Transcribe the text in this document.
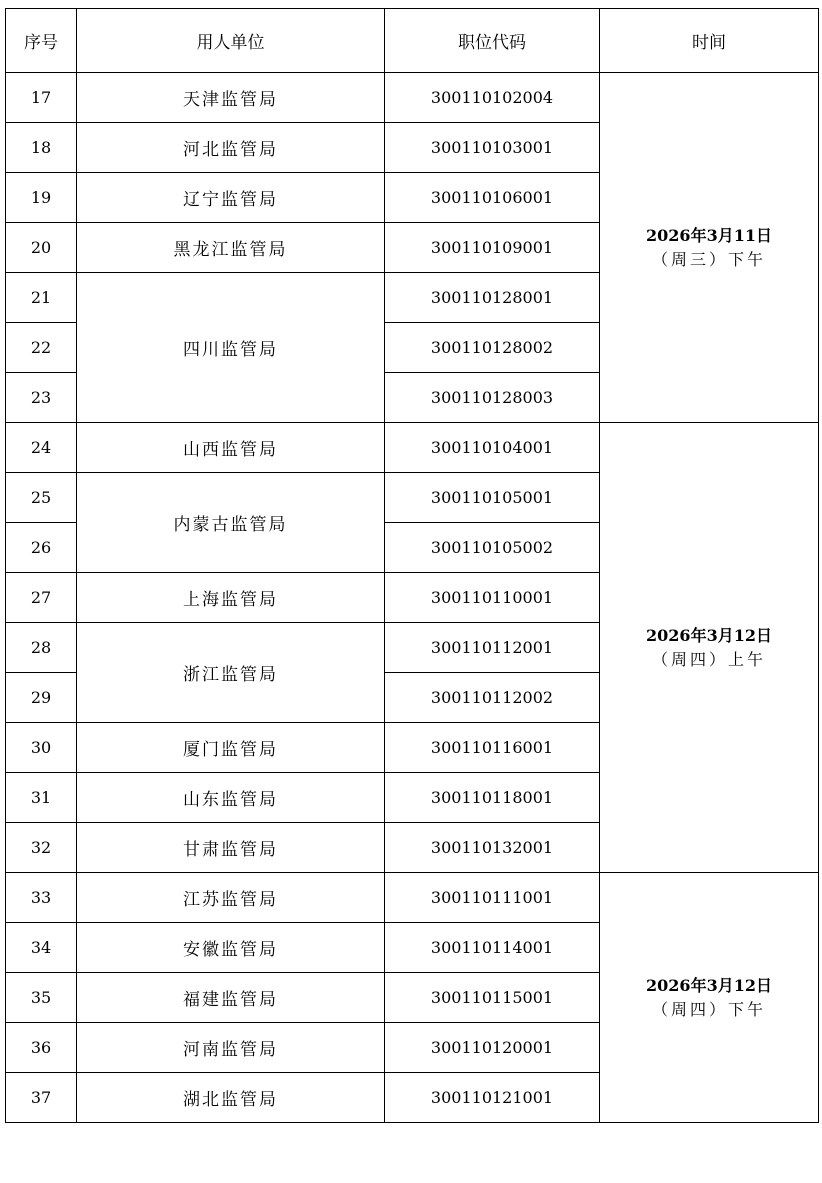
序号	用人单位	职位代码	时间
17	天津监管局	300110102004	2026年3月11日
（周三）下午

18	河北监管局	300110103001	
19	辽宁监管局	300110106001	
20	黑龙江监管局	300110109001	
21	四川监管局	300110128001	
22		300110128002	
23		300110128003	
24	山西监管局	300110104001	2026年3月12日
（周四）上午

25	内蒙古监管局	300110105001	
26		300110105002	
27	上海监管局	300110110001	
28	浙江监管局	300110112001	
29		300110112002	
30	厦门监管局	300110116001	
31	山东监管局	300110118001	
32	甘肃监管局	300110132001	
33	江苏监管局	300110111001	2026年3月12日
（周四）下午

34	安徽监管局	300110114001	
35	福建监管局	300110115001	
36	河南监管局	300110120001	
37	湖北监管局	300110121001	
